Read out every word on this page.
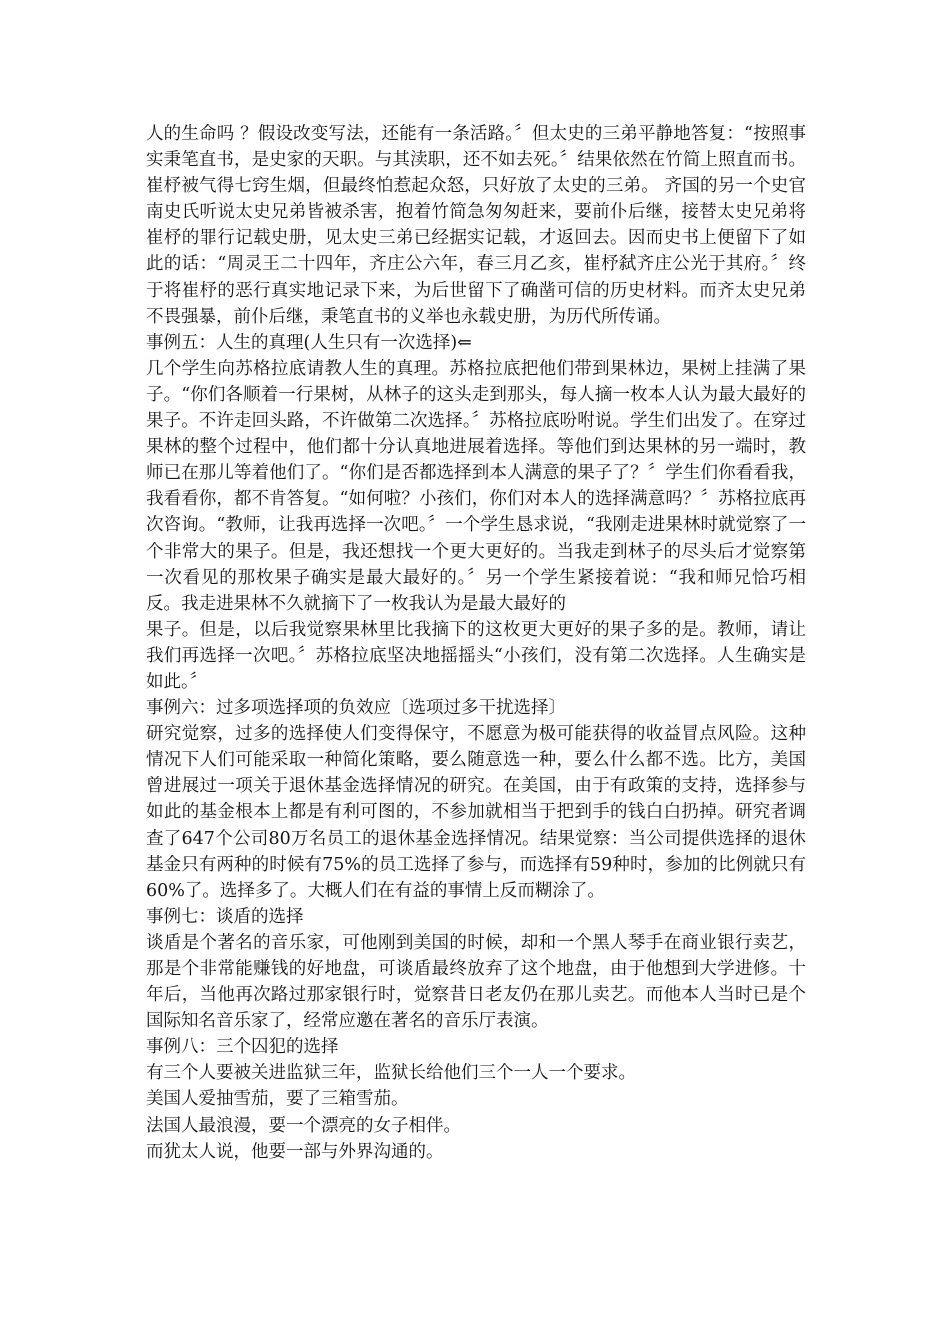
人的生命吗 ？假设改变写法，还能有一条活路。〞但太史的三弟平静地答复：“按照事实秉笔直书，是史家的天职。与其渎职，还不如去死。〞结果依然在竹简上照直而书。崔杼被气得七窍生烟，但最终怕惹起众怒，只好放了太史的三弟。 齐国的另一个史官南史氏听说太史兄弟皆被杀害，抱着竹简急匆匆赶来，要前仆后继，接替太史兄弟将崔杼的罪行记载史册，见太史三弟已经据实记载，才返回去。因而史书上便留下了如此的话：“周灵王二十四年，齐庄公六年，春三月乙亥，崔杼弑齐庄公光于其府。〞终于将崔杼的恶行真实地记录下来，为后世留下了确凿可信的历史材料。而齐太史兄弟不畏强暴，前仆后继，秉笔直书的义举也永载史册，为历代所传诵。

事例五：人生的真理(人生只有一次选择)⇐

几个学生向苏格拉底请教人生的真理。苏格拉底把他们带到果林边，果树上挂满了果子。“你们各顺着一行果树，从林子的这头走到那头，每人摘一枚本人认为最大最好的果子。不许走回头路，不许做第二次选择。〞苏格拉底吩咐说。学生们出发了。在穿过果林的整个过程中，他们都十分认真地进展着选择。等他们到达果林的另一端时，教师已在那儿等着他们了。“你们是否都选择到本人满意的果子了？〞学生们你看看我，我看看你，都不肯答复。“如何啦？小孩们，你们对本人的选择满意吗？〞苏格拉底再次咨询。“教师，让我再选择一次吧。〞一个学生恳求说，“我刚走进果林时就觉察了一个非常大的果子。但是，我还想找一个更大更好的。当我走到林子的尽头后才觉察第一次看见的那枚果子确实是最大最好的。〞另一个学生紧接着说：“我和师兄恰巧相反。我走进果林不久就摘下了一枚我认为是最大最好的

果子。但是，以后我觉察果林里比我摘下的这枚更大更好的果子多的是。教师，请让我们再选择一次吧。〞苏格拉底坚决地摇摇头“小孩们，没有第二次选择。人生确实是如此。〞

事例六：过多项选择项的负效应〔选项过多干扰选择〕

研究觉察，过多的选择使人们变得保守，不愿意为极可能获得的收益冒点风险。这种情况下人们可能采取一种简化策略，要么随意选一种，要么什么都不选。比方，美国曾进展过一项关于退休基金选择情况的研究。在美国，由于有政策的支持，选择参与如此的基金根本上都是有利可图的，不参加就相当于把到手的钱白白扔掉。研究者调查了647个公司80万名员工的退休基金选择情况。结果觉察：当公司提供选择的退休基金只有两种的时候有75%的员工选择了参与，而选择有59种时，参加的比例就只有60%了。选择多了。大概人们在有益的事情上反而糊涂了。

事例七：谈盾的选择

谈盾是个著名的音乐家，可他刚到美国的时候，却和一个黑人琴手在商业银行卖艺，那是个非常能赚钱的好地盘，可谈盾最终放弃了这个地盘，由于他想到大学进修。十年后，当他再次路过那家银行时，觉察昔日老友仍在那儿卖艺。而他本人当时已是个国际知名音乐家了，经常应邀在著名的音乐厅表演。

事例八：三个囚犯的选择

有三个人要被关进监狱三年，监狱长给他们三个一人一个要求。

美国人爱抽雪茄，要了三箱雪茄。

法国人最浪漫，要一个漂亮的女子相伴。

而犹太人说，他要一部与外界沟通的。
